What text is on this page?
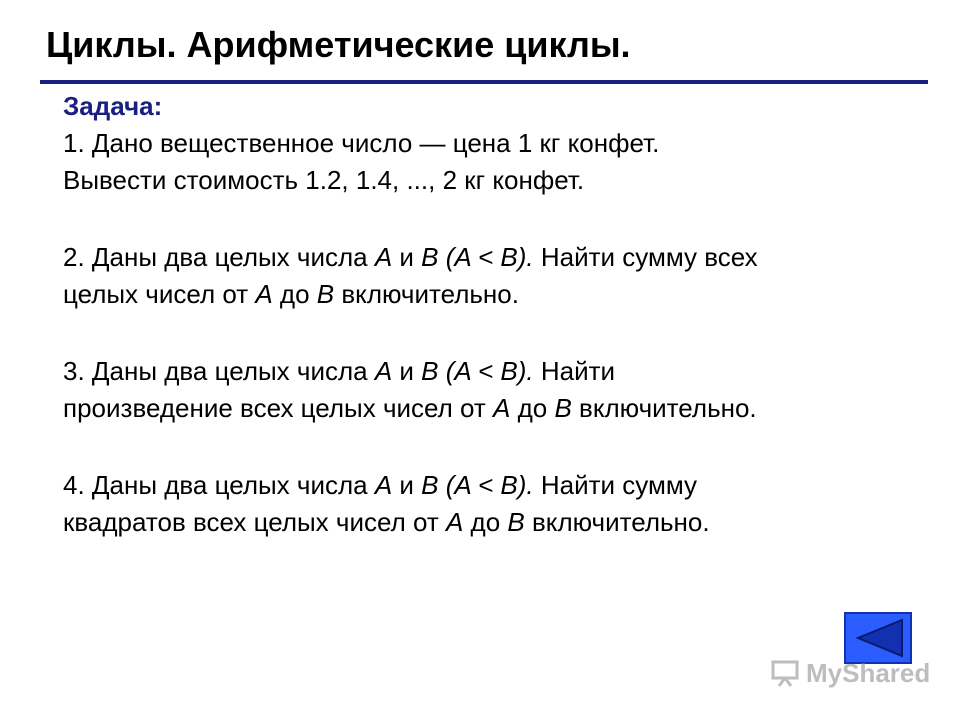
Циклы. Арифметические циклы.

Задача:

1. Дано вещественное число — цена 1 кг конфет.

Вывести стоимость 1.2, 1.4, ..., 2 кг конфет.

2. Даны два целых числа A и B (A < B). Найти сумму всех

целых чисел от A до B включительно.

3. Даны два целых числа A и B (A < B). Найти

произведение всех целых чисел от A до B включительно.

4. Даны два целых числа A и B (A < B). Найти сумму

квадратов всех целых чисел от A до B включительно.

MyShared
